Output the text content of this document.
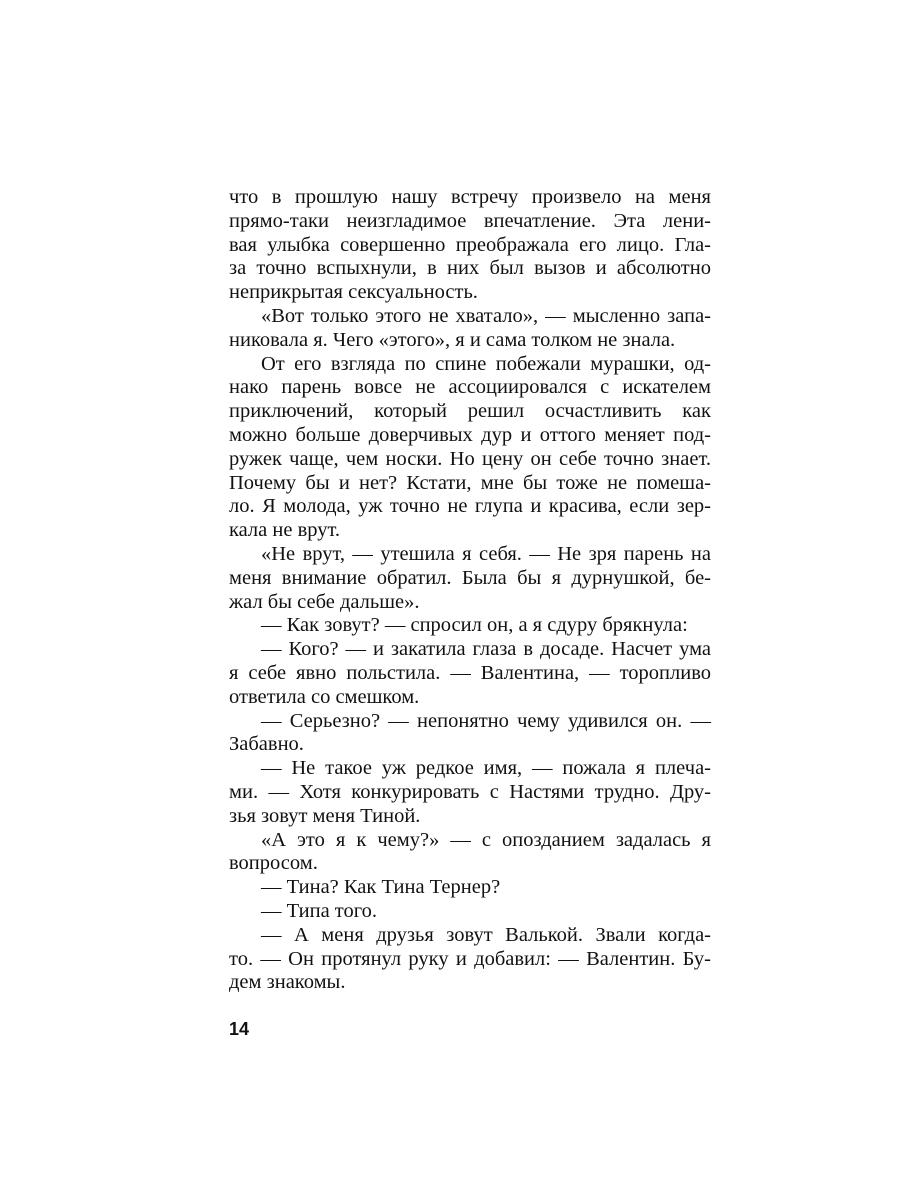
что в прошлую нашу встречу произвело на меня
прямо-таки неизгладимое впечатление. Эта лени-
вая улыбка совершенно преображала его лицо. Гла-
за точно вспыхнули, в них был вызов и абсолютно
неприкрытая сексуальность.
«Вот только этого не хватало», — мысленно запа-
никовала я. Чего «этого», я и сама толком не знала.
От его взгляда по спине побежали мурашки, од-
нако парень вовсе не ассоциировался с искателем
приключений, который решил осчастливить как
можно больше доверчивых дур и оттого меняет под-
ружек чаще, чем носки. Но цену он себе точно знает.
Почему бы и нет? Кстати, мне бы тоже не помеша-
ло. Я молода, уж точно не глупа и красива, если зер-
кала не врут.
«Не врут, — утешила я себя. — Не зря парень на
меня внимание обратил. Была бы я дурнушкой, бе-
жал бы себе дальше».
— Как зовут? — спросил он, а я сдуру брякнула:
— Кого? — и закатила глаза в досаде. Насчет ума
я себе явно польстила. — Валентина, — торопливо
ответила со смешком.
— Серьезно? — непонятно чему удивился он. —
Забавно.
— Не такое уж редкое имя, — пожала я плеча-
ми. — Хотя конкурировать с Настями трудно. Дру-
зья зовут меня Тиной.
«А это я к чему?» — с опозданием задалась я
вопросом.
— Тина? Как Тина Тернер?
— Типа того.
— А меня друзья зовут Валькой. Звали когда-
то. — Он протянул руку и добавил: — Валентин. Бу-
дем знакомы.
14
